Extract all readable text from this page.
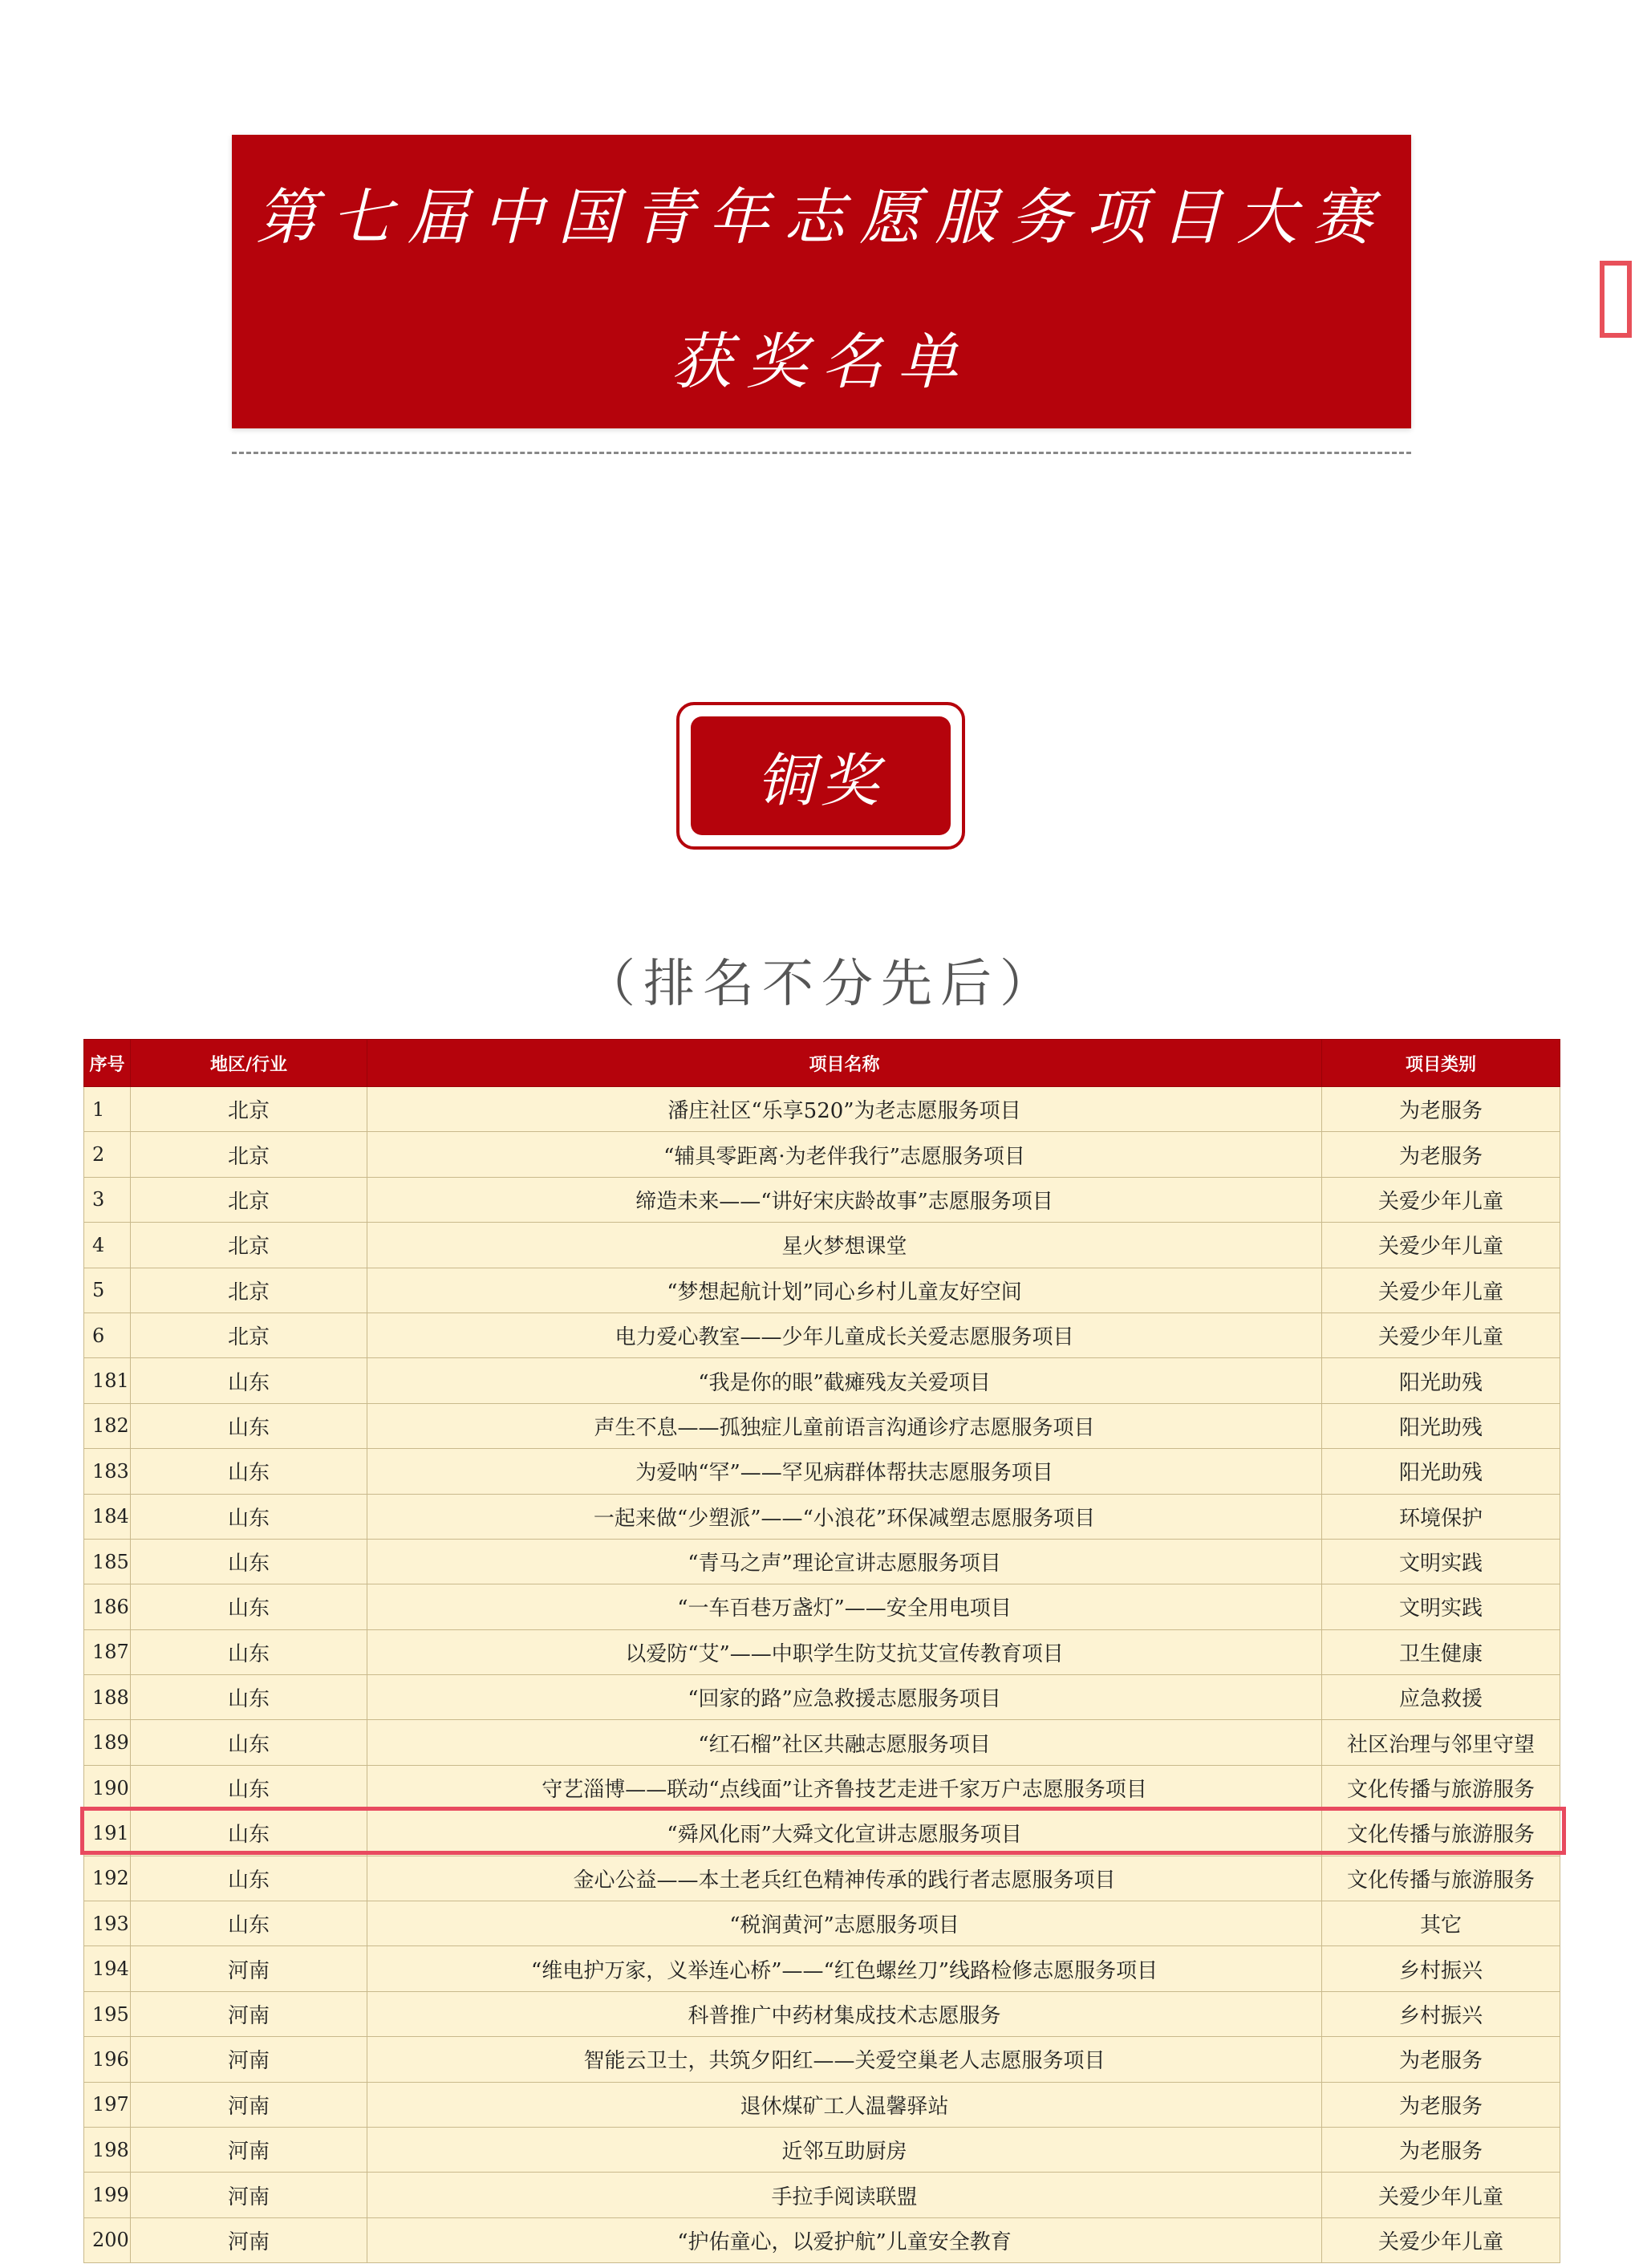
第七届中国青年志愿服务项目大赛
获奖名单
铜奖
（排名不分先后）
序号	地区/行业	项目名称	项目类别
1	北京	潘庄社区“乐享520”为老志愿服务项目	为老服务
2	北京	“辅具零距离·为老伴我行”志愿服务项目	为老服务
3	北京	缔造未来——“讲好宋庆龄故事”志愿服务项目	关爱少年儿童
4	北京	星火梦想课堂	关爱少年儿童
5	北京	“梦想起航计划”同心乡村儿童友好空间	关爱少年儿童
6	北京	电力爱心教室——少年儿童成长关爱志愿服务项目	关爱少年儿童
181	山东	“我是你的眼”截瘫残友关爱项目	阳光助残
182	山东	声生不息——孤独症儿童前语言沟通诊疗志愿服务项目	阳光助残
183	山东	为爱呐“罕”——罕见病群体帮扶志愿服务项目	阳光助残
184	山东	一起来做“少塑派”——“小浪花”环保减塑志愿服务项目	环境保护
185	山东	“青马之声”理论宣讲志愿服务项目	文明实践
186	山东	“一车百巷万盏灯”——安全用电项目	文明实践
187	山东	以爱防“艾”——中职学生防艾抗艾宣传教育项目	卫生健康
188	山东	“回家的路”应急救援志愿服务项目	应急救援
189	山东	“红石榴”社区共融志愿服务项目	社区治理与邻里守望
190	山东	守艺淄博——联动“点线面”让齐鲁技艺走进千家万户志愿服务项目	文化传播与旅游服务
191	山东	“舜风化雨”大舜文化宣讲志愿服务项目	文化传播与旅游服务
192	山东	金心公益——本土老兵红色精神传承的践行者志愿服务项目	文化传播与旅游服务
193	山东	“税润黄河”志愿服务项目	其它
194	河南	“维电护万家，义举连心桥”——“红色螺丝刀”线路检修志愿服务项目	乡村振兴
195	河南	科普推广中药材集成技术志愿服务	乡村振兴
196	河南	智能云卫士，共筑夕阳红——关爱空巢老人志愿服务项目	为老服务
197	河南	退休煤矿工人温馨驿站	为老服务
198	河南	近邻互助厨房	为老服务
199	河南	手拉手阅读联盟	关爱少年儿童
200	河南	“护佑童心，以爱护航”儿童安全教育	关爱少年儿童
